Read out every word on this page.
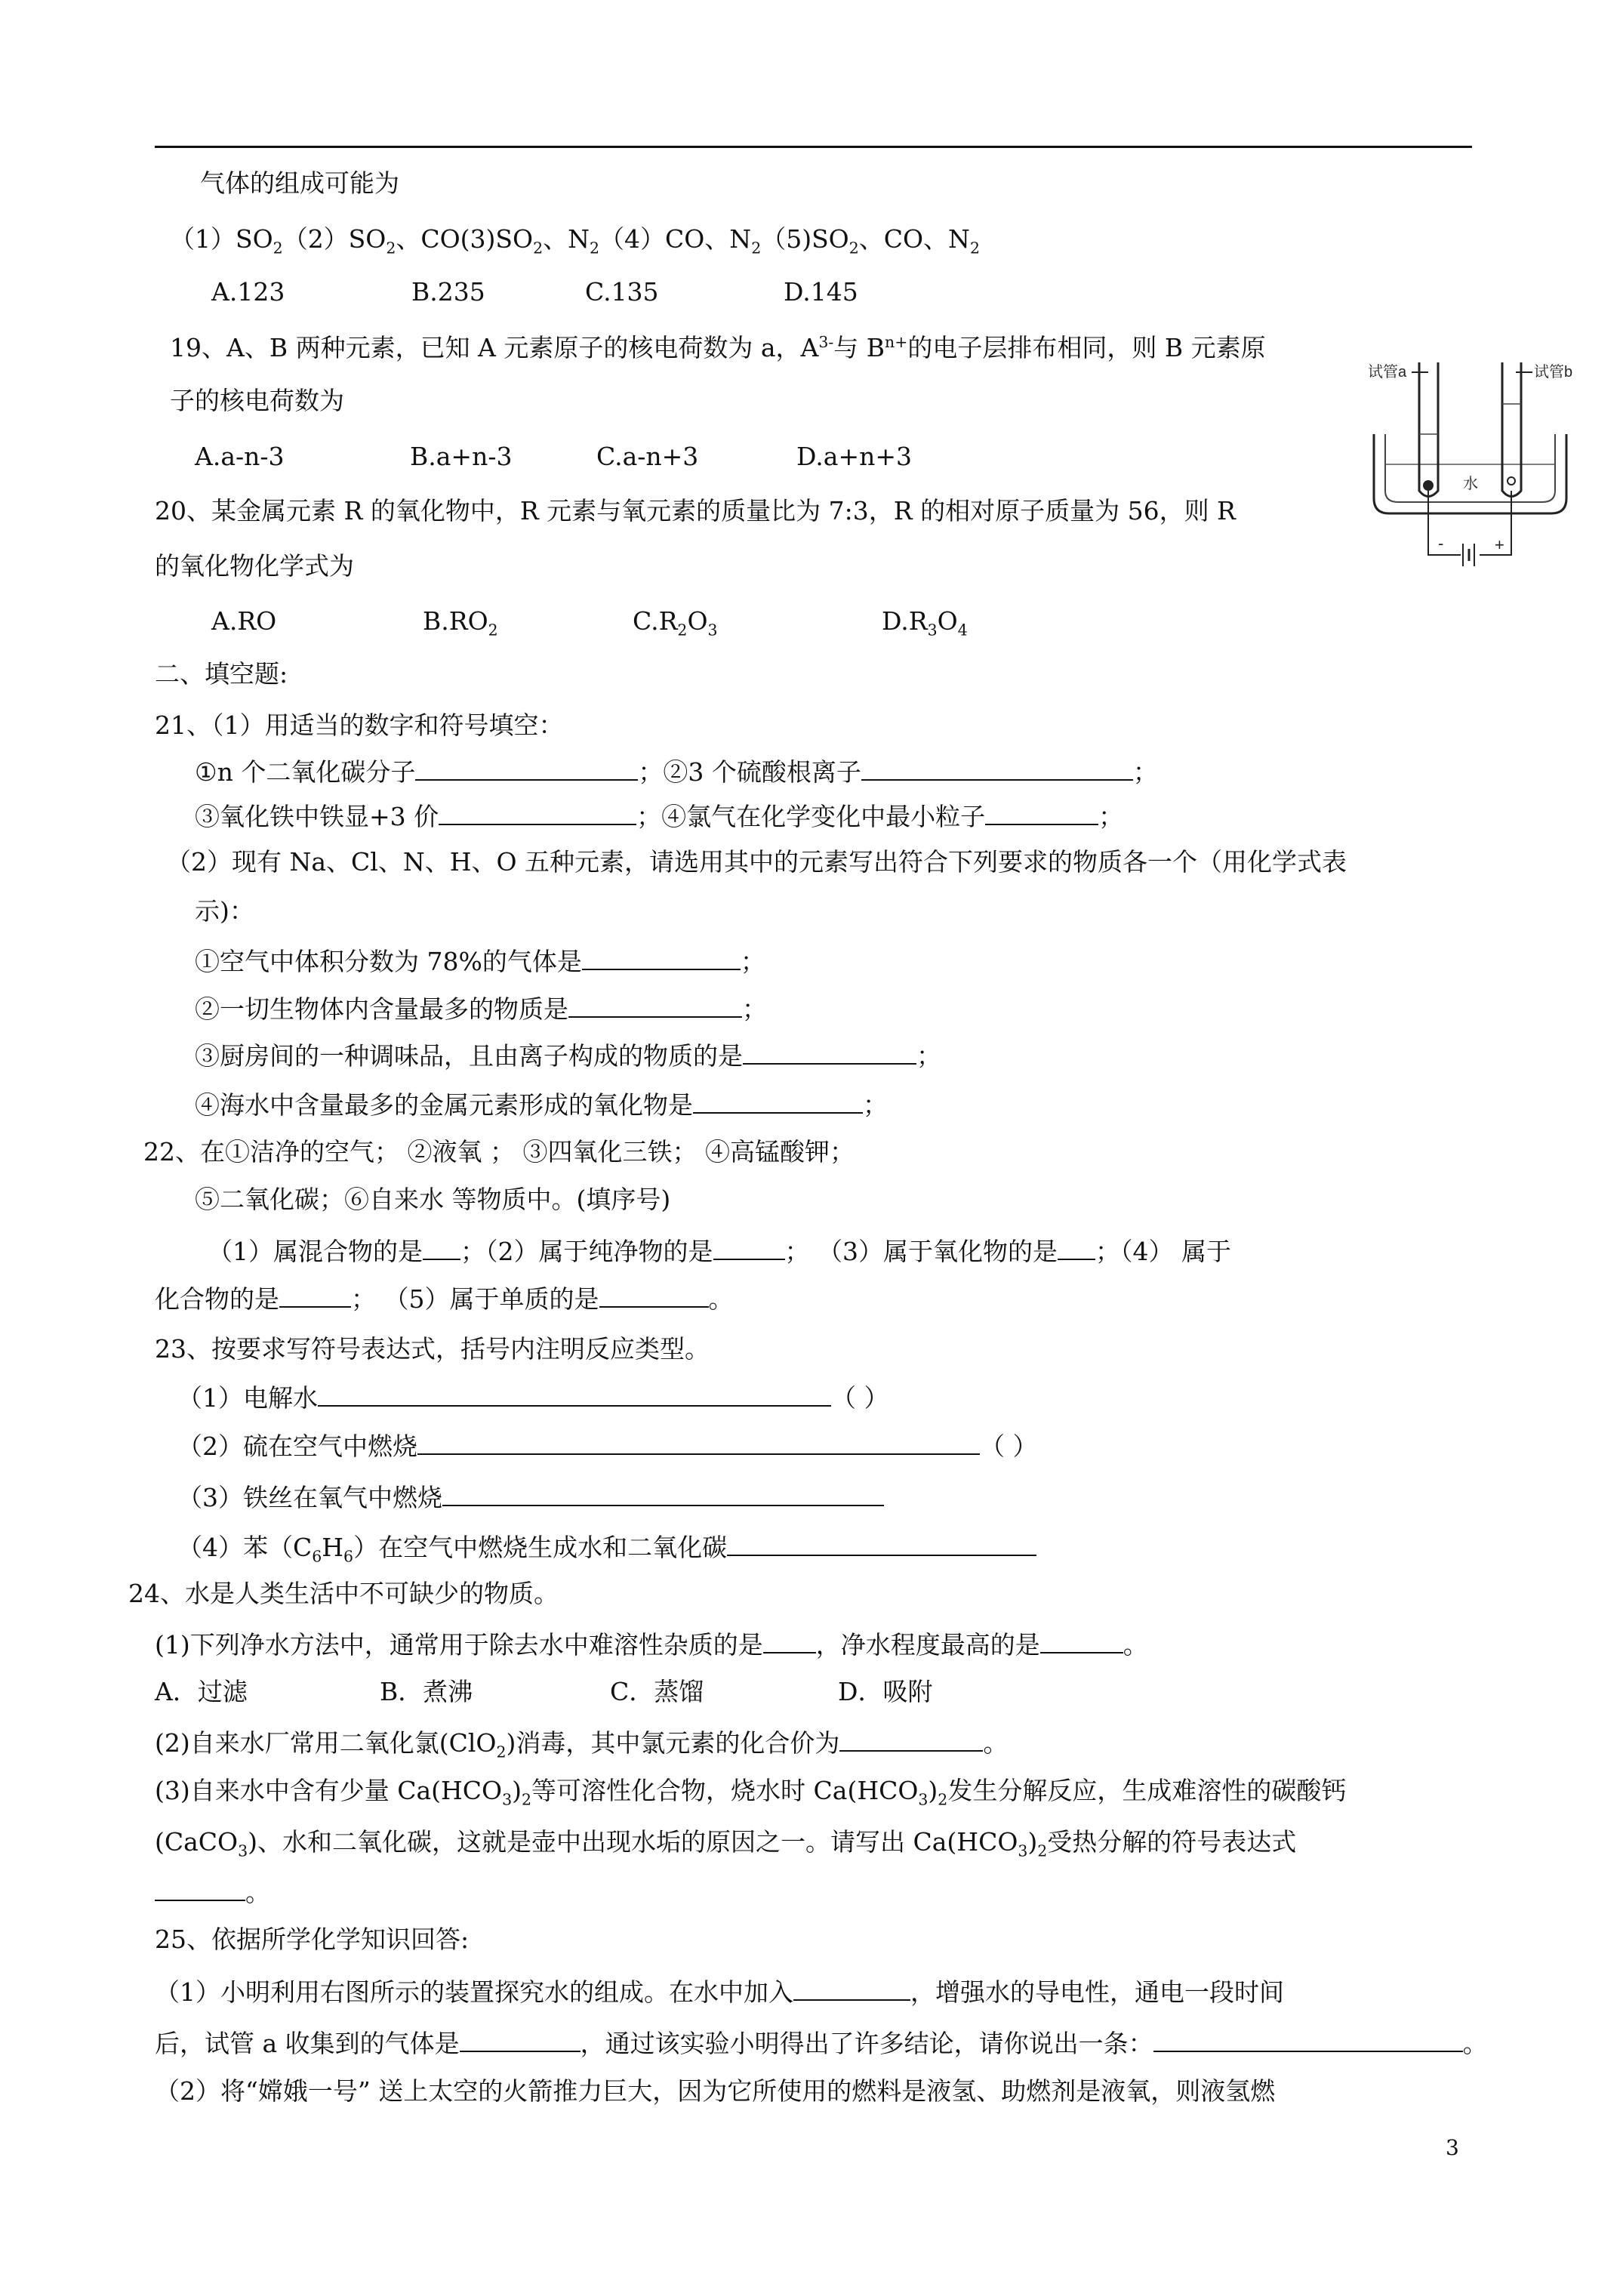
气体的组成可能为
$(1)SO_2(2)SO_2$、$CO(3)SO_2$、$N_2(4)CO$、$N_2(5)SO_2$、CO、$N_2$
A.123	B.235	C.135	D.145
19、A、B 两种元素，已知 A 元素原子的核电荷数为 a，$A^{3-}$与 $B^{n+}$的电子层排布相同，则 B 元素原
子的核电荷数为
A.a-n-3	B.a+n-3	C.a-n+3	D.a+n+3
20、某金属元素 R 的氧化物中，R 元素与氧元素的质量比为 7:3，R 的相对原子质量为 56，则 R
的氧化物化学式为
A.RO	$B.RO_2$	$C.R_2O_3$	$D.R_3O_4$
二、填空题:
21、（1）用适当的数字和符号填空：
①n 个二氧化碳分子	；②3 个硫酸根离子	；
③氧化铁中铁显+3 价	；④氯气在化学变化中最小粒子	；
（2）现有 Na、Cl、N、H、O 五种元素，请选用其中的元素写出符合下列要求的物质各一个（用化学式表
示)：
①空气中体积分数为 78%的气体是	；
②一切生物体内含量最多的物质是	；
③厨房间的一种调味品，且由离子构成的物质的是	；
④海水中含量最多的金属元素形成的氧化物是	；
22、在①洁净的空气； ②液氧 ； ③四氧化三铁； ④高锰酸钾；
⑤二氧化碳；⑥自来水 等物质中。(填序号)
（1）属混合物的是 ；（2）属于纯净物的是	； （3）属于氧化物的是 ；（4） 属于
化合物的是	； （5）属于单质的是	。
23、按要求写符号表达式，括号内注明反应类型。
（1）电解水	（ ）
（2）硫在空气中燃烧	（ ）
（3）铁丝在氧气中燃烧
（4）苯$(C_6H_6)$在空气中燃烧生成水和二氧化碳
24、水是人类生活中不可缺少的物质。
(1)下列净水方法中，通常用于除去水中难溶性杂质的是 ，净水程度最高的是	。
A．过滤	B．煮沸	C．蒸馏	D．吸附
(2)自来水厂常用二氧化氯(ClO$_2$)消毒，其中氯元素的化合价为	。
(3)自来水中含有少量 $Ca(HCO_3)_2$等可溶性化合物，烧水时 $Ca(HCO_3)_2$发生分解反应，生成难溶性的碳酸钙
(CaCO$_3$)、水和二氧化碳，这就是壶中出现水垢的原因之一。请写出 $Ca(HCO_3)_2$受热分解的符号表达式
。
25、依据所学化学知识回答:
（1）小明利用右图所示的装置探究水的组成。在水中加入	，增强水的导电性，通电一段时间
后，试管 a 收集到的气体是	，通过该实验小明得出了许多结论，请你说出一条：	。
（2）将“嫦娥一号” 送上太空的火箭推力巨大，因为它所使用的燃料是液氢、助燃剂是液氧，则液氢燃
试管a	试管b
水
-	+
3
